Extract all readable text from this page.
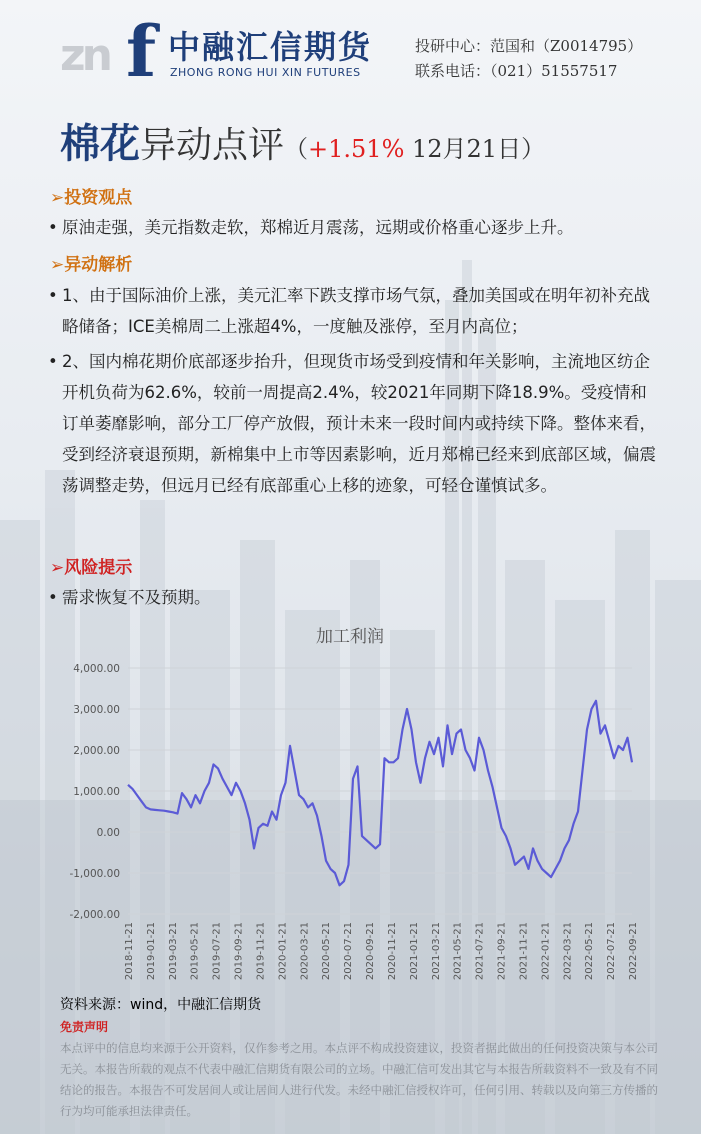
zn f 中融汇信期货
ZHONG RONG HUI XIN FUTURES
投研中心：范国和（Z0014795）
联系电话：（021）51557517
棉花异动点评（+1.51% 12月21日）
➢投资观点
• 原油走强，美元指数走软，郑棉近月震荡，远期或价格重心逐步上升。
➢异动解析
• 1、由于国际油价上涨，美元汇率下跌支撑市场气氛，叠加美国或在明年初补充战略储备；ICE美棉周二上涨超4%，一度触及涨停，至月内高位；
• 2、国内棉花期价底部逐步抬升，但现货市场受到疫情和年关影响，主流地区纺企开机负荷为62.6%，较前一周提高2.4%，较2021年同期下降18.9%。受疫情和订单萎靡影响，部分工厂停产放假，预计未来一段时间内或持续下降。整体来看，受到经济衰退预期，新棉集中上市等因素影响，近月郑棉已经来到底部区域，偏震荡调整走势，但远月已经有底部重心上移的迹象，可轻仓谨慎试多。
➢风险提示
• 需求恢复不及预期。
加工利润
4,000.00
3,000.00
2,000.00
1,000.00
0.00
-1,000.00
-2,000.00
2018-11-21 2019-01-21 2019-03-21 2019-05-21 2019-07-21 2019-09-21 2019-11-21 2020-01-21 2020-03-21 2020-05-21 2020-07-21 2020-09-21 2020-11-21 2021-01-21 2021-03-21 2021-05-21 2021-07-21 2021-09-21 2021-11-21 2022-01-21 2022-03-21 2022-05-21 2022-07-21 2022-09-21
资料来源：wind，中融汇信期货
免责声明
本点评中的信息均来源于公开资料，仅作参考之用。本点评不构成投资建议，投资者据此做出的任何投资决策与本公司无关。本报告所载的观点不代表中融汇信期货有限公司的立场。中融汇信可发出其它与本报告所载资料不一致及有不同结论的报告。本报告不可发居间人或让居间人进行代发。未经中融汇信授权许可，任何引用、转载以及向第三方传播的行为均可能承担法律责任。
